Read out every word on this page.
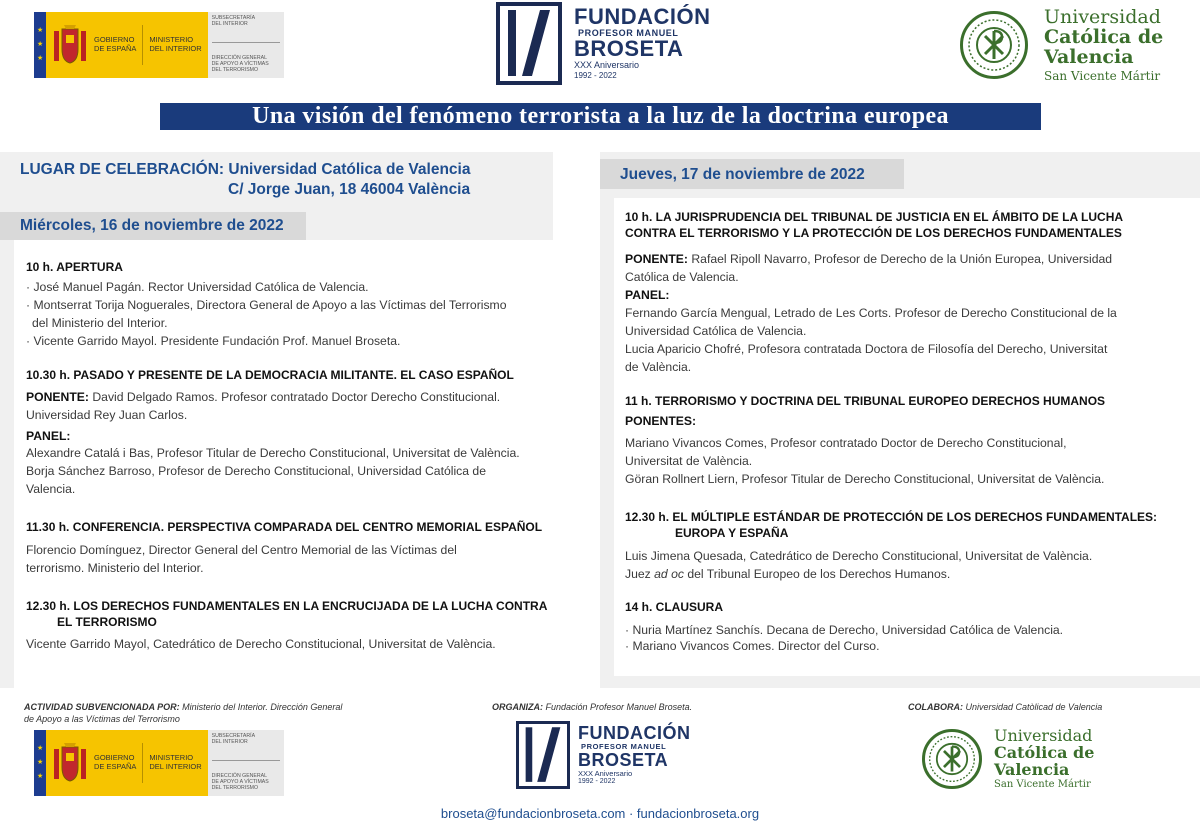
★
★
★
GOBIERNO
DE ESPAÑA
MINISTERIO
DEL INTERIOR
SUBSECRETARÍA
DEL INTERIOR
DIRECCIÓN GENERAL
DE APOYO A VÍCTIMAS
DEL TERRORISMO
FUNDACIÓN
PROFESOR MANUEL
BROSETA
XXX Aniversario
1992 - 2022
Universidad
Católica de
Valencia
San Vicente Mártir
Una visión del fenómeno terrorista a la luz de la doctrina europea
LUGAR DE CELEBRACIÓN: Universidad Católica de Valencia
C/ Jorge Juan, 18 46004 València
Miércoles, 16 de noviembre de 2022
10 h. APERTURA
· José Manuel Pagán. Rector Universidad Católica de Valencia.
· Montserrat Torija Noguerales, Directora General de Apoyo a las Víctimas del Terrorismo
del Ministerio del Interior.
· Vicente Garrido Mayol. Presidente Fundación Prof. Manuel Broseta.
10.30 h. PASADO Y PRESENTE DE LA DEMOCRACIA MILITANTE. EL CASO ESPAÑOL
PONENTE: David Delgado Ramos. Profesor contratado Doctor Derecho Constitucional.
Universidad Rey Juan Carlos.
PANEL:
Alexandre Catalá i Bas, Profesor Titular de Derecho Constitucional, Universitat de València.
Borja Sánchez Barroso, Profesor de Derecho Constitucional, Universidad Católica de
Valencia.
11.30 h. CONFERENCIA. PERSPECTIVA COMPARADA DEL CENTRO MEMORIAL ESPAÑOL
Florencio Domínguez, Director General del Centro Memorial de las Víctimas del
terrorismo. Ministerio del Interior.
12.30 h. LOS DERECHOS FUNDAMENTALES EN LA ENCRUCIJADA DE LA LUCHA CONTRA
EL TERRORISMO
Vicente Garrido Mayol, Catedrático de Derecho Constitucional, Universitat de València.
Jueves, 17 de noviembre de 2022
10 h. LA JURISPRUDENCIA DEL TRIBUNAL DE JUSTICIA EN EL ÁMBITO DE LA LUCHA
CONTRA EL TERRORISMO Y LA PROTECCIÓN DE LOS DERECHOS FUNDAMENTALES
PONENTE: Rafael Ripoll Navarro, Profesor de Derecho de la Unión Europea, Universidad
Católica de Valencia.
PANEL:
Fernando García Mengual, Letrado de Les Corts. Profesor de Derecho Constitucional de la
Universidad Católica de Valencia.
Lucia Aparicio Chofré, Profesora contratada Doctora de Filosofía del Derecho, Universitat
de València.
11 h. TERRORISMO Y DOCTRINA DEL TRIBUNAL EUROPEO DERECHOS HUMANOS
PONENTES:
Mariano Vivancos Comes, Profesor contratado Doctor de Derecho Constitucional,
Universitat de València.
Göran Rollnert Liern, Profesor Titular de Derecho Constitucional, Universitat de València.
12.30 h. EL MÚLTIPLE ESTÁNDAR DE PROTECCIÓN DE LOS DERECHOS FUNDAMENTALES:
EUROPA Y ESPAÑA
Luis Jimena Quesada, Catedrático de Derecho Constitucional, Universitat de València.
Juez ad oc del Tribunal Europeo de los Derechos Humanos.
14 h. CLAUSURA
· Nuria Martínez Sanchís. Decana de Derecho, Universidad Católica de Valencia.
· Mariano Vivancos Comes. Director del Curso.
ACTIVIDAD SUBVENCIONADA POR: Ministerio del Interior. Dirección General
de Apoyo a las Víctimas del Terrorismo
ORGANIZA: Fundación Profesor Manuel Broseta.	COLABORA: Universidad Catòlicad de Valencia
★
★
★
GOBIERNO
DE ESPAÑA
MINISTERIO
DEL INTERIOR
SUBSECRETARÍA
DEL INTERIOR
DIRECCIÓN GENERAL
DE APOYO A VÍCTIMAS
DEL TERRORISMO
FUNDACIÓN
PROFESOR MANUEL
BROSETA
XXX Aniversario
1992 - 2022
Universidad
Católica de
Valencia
San Vicente Mártir
broseta@fundacionbroseta.com · fundacionbroseta.org
